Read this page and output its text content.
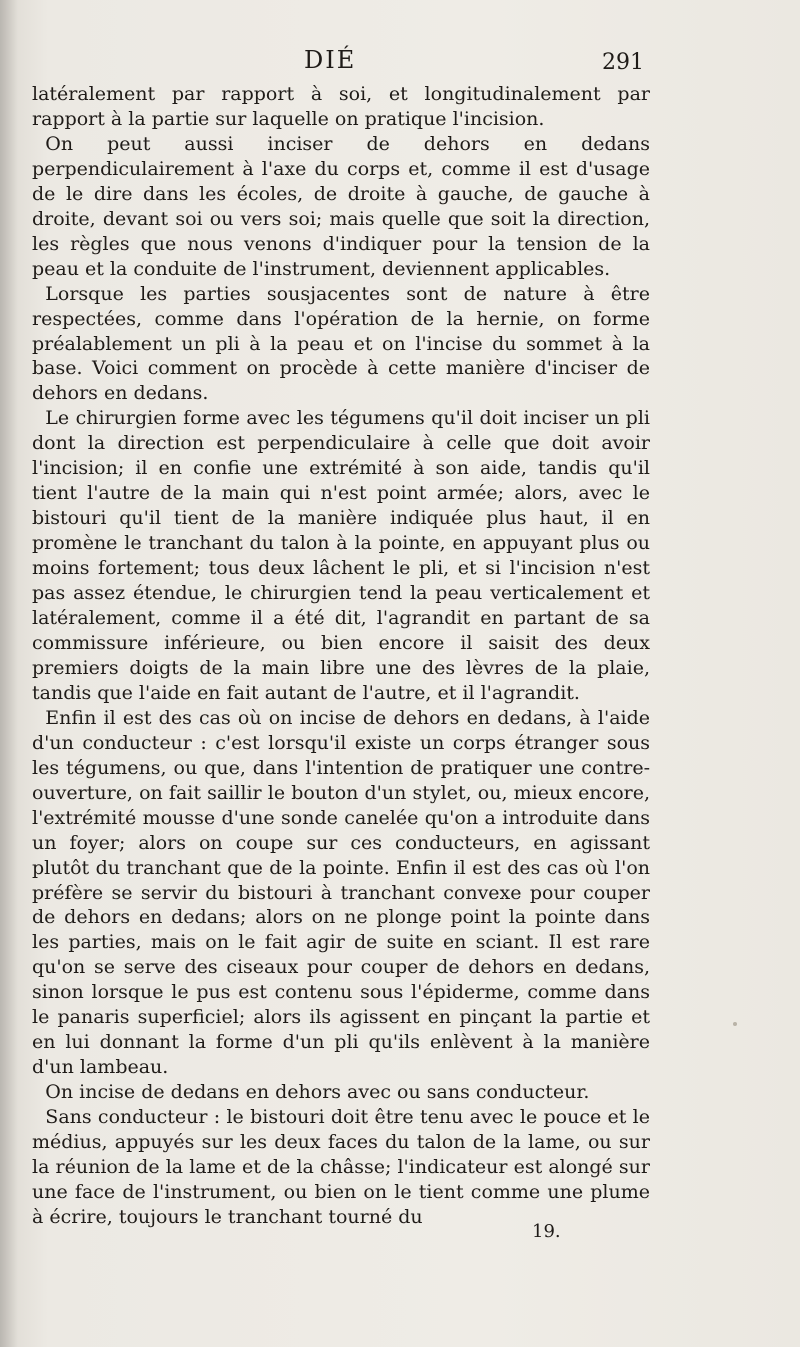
DIÉ	291

latéralement par rapport à soi, et longitudinalement par rapport à la partie sur laquelle on pratique l'incision.

On peut aussi inciser de dehors en dedans perpendiculairement à l'axe du corps et, comme il est d'usage de le dire dans les écoles, de droite à gauche, de gauche à droite, devant soi ou vers soi; mais quelle que soit la direction, les règles que nous venons d'indiquer pour la tension de la peau et la conduite de l'instrument, deviennent applicables.

Lorsque les parties sousjacentes sont de nature à être respectées, comme dans l'opération de la hernie, on forme préalablement un pli à la peau et on l'incise du sommet à la base. Voici comment on procède à cette manière d'inciser de dehors en dedans.

Le chirurgien forme avec les tégumens qu'il doit inciser un pli dont la direction est perpendiculaire à celle que doit avoir l'incision; il en confie une extrémité à son aide, tandis qu'il tient l'autre de la main qui n'est point armée; alors, avec le bistouri qu'il tient de la manière indiquée plus haut, il en promène le tranchant du talon à la pointe, en appuyant plus ou moins fortement; tous deux lâchent le pli, et si l'incision n'est pas assez étendue, le chirurgien tend la peau verticalement et latéralement, comme il a été dit, l'agrandit en partant de sa commissure inférieure, ou bien encore il saisit des deux premiers doigts de la main libre une des lèvres de la plaie, tandis que l'aide en fait autant de l'autre, et il l'agrandit.

Enfin il est des cas où on incise de dehors en dedans, à l'aide d'un conducteur : c'est lorsqu'il existe un corps étranger sous les tégumens, ou que, dans l'intention de pratiquer une contre-ouverture, on fait saillir le bouton d'un stylet, ou, mieux encore, l'extrémité mousse d'une sonde canelée qu'on a introduite dans un foyer; alors on coupe sur ces conducteurs, en agissant plutôt du tranchant que de la pointe. Enfin il est des cas où l'on préfère se servir du bistouri à tranchant convexe pour couper de dehors en dedans; alors on ne plonge point la pointe dans les parties, mais on le fait agir de suite en sciant. Il est rare qu'on se serve des ciseaux pour couper de dehors en dedans, sinon lorsque le pus est contenu sous l'épiderme, comme dans le panaris superficiel; alors ils agissent en pinçant la partie et en lui donnant la forme d'un pli qu'ils enlèvent à la manière d'un lambeau.

On incise de dedans en dehors avec ou sans conducteur.

Sans conducteur : le bistouri doit être tenu avec le pouce et le médius, appuyés sur les deux faces du talon de la lame, ou sur la réunion de la lame et de la châsse; l'indicateur est alongé sur une face de l'instrument, ou bien on le tient comme une plume à écrire, toujours le tranchant tourné du

19.
